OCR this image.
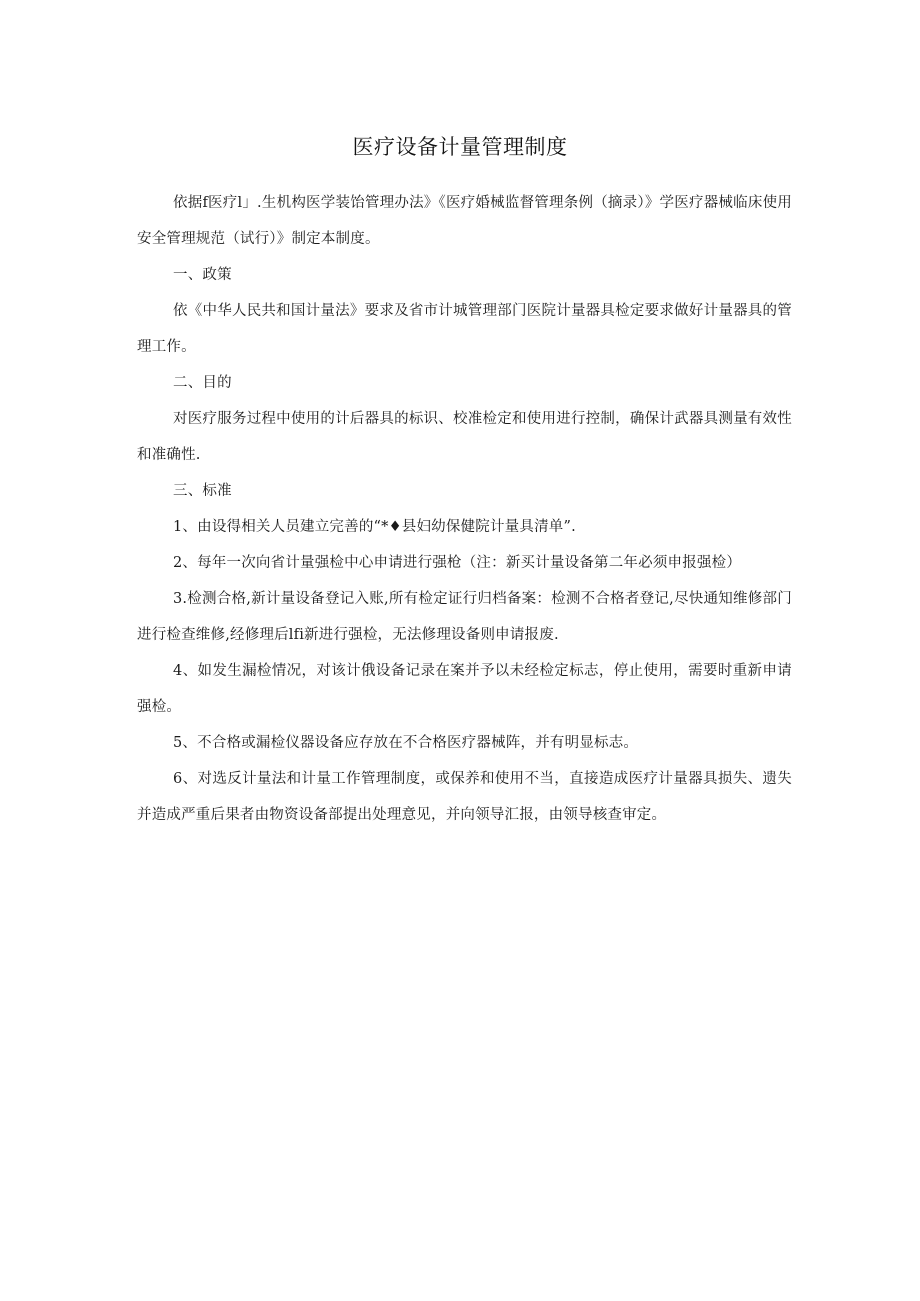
医疗设备计量管理制度

依据f医疗l」.生机构医学装饴管理办法》《医疗婚械监督管理条例（摘录）》学医疗器械临床使用安全管理规范（试行）》制定本制度。

一、政策

依《中华人民共和国计量法》要求及省市计城管理部门医院计量器具检定要求做好计量器具的管理工作。

二、目的

对医疗服务过程中使用的计后器具的标识、校准检定和使用进行控制，确保计武器具测量有效性和准确性.

三、标准

1、由设得相关人员建立完善的“*♦县妇幼保健院计量具清单”.

2、每年一次向省计量强检中心申请进行强枪（注：新买计量设备第二年必须申报强检）

3.检测合格,新计量设备登记入账,所有检定证行归档备案：检测不合格者登记,尽快通知维修部门进行检查维修,经修理后lfi新进行强检，无法修理设备则申请报废.

4、如发生漏检情况，对该计俄设备记录在案并予以未经检定标志，停止使用，需要时重新申请强检。

5、不合格或漏检仪器设备应存放在不合格医疗器械阵，并有明显标志。

6、对选反计量法和计量工作管理制度，或保养和使用不当，直接造成医疗计量器具损失、遗失并造成严重后果者由物资设备部提出处理意见，并向领导汇报，由领导核查审定。
